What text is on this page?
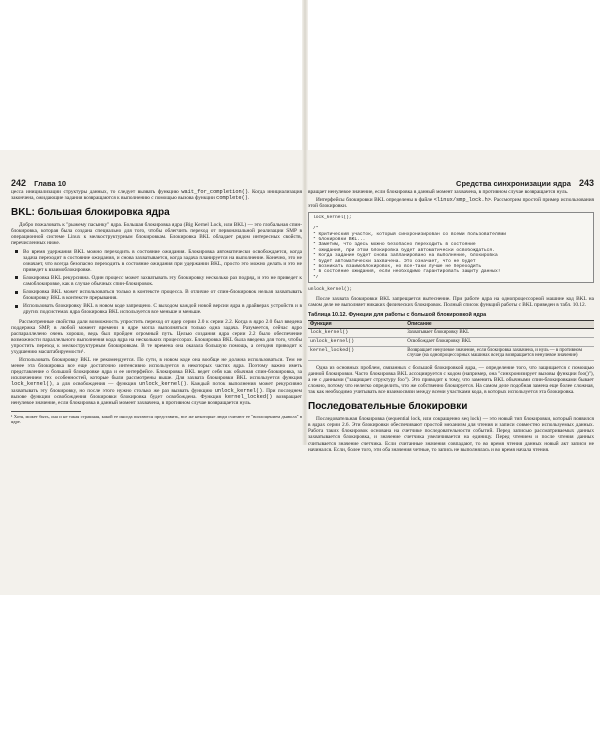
242 Глава 10	Средства синхронизации ядра 243

цесса инициализации структуры данных, то следует вызвать функцию wait_for_completion(). Когда инициализация закончена, ожидающие задания возвращаются к выполнению с помощью вызова функции complete().

BKL: большая блокировка ядра

Добро пожаловать к "рыжему пасынку" ядра. Большая блокировка ядра (Big Kernel Lock, или BKL) — это глобальная спин-блокировка, которая была создана специально для того, чтобы облегчить переход от первоначальной реализации SMP в операционной системе Linux к мелкоструктурным блокировкам. Блокировка BKL обладает рядом интересных свойств, перечисленных ниже.

Во время удержания BKL можно переходить в состояние ожидания. Блокировка автоматически освобождается, когда задача переходит в состояние ожидания, и снова захватывается, когда задача планируется на выполнение. Конечно, это не означает, что всегда безопасно переходить в состояние ожидания при удержании BKL, просто это можно делать и это не приведет к взаимоблокировке.
Блокировка BKL рекурсивна. Один процесс может захватывать эту блокировку несколько раз подряд, и это не приведет к самоблокировке, как в случае обычных спин-блокировок.
Блокировка BKL может использоваться только в контексте процесса. В отличие от спин-блокировок нельзя захватывать блокировку BKL в контексте прерывания.
Использовать блокировку BKL в новом коде запрещено. С выходом каждой новой версии ядра в драйверах устройств и в других подсистемах ядра блокировка BKL используется все меньше и меньше.

Рассмотренные свойства дали возможность упростить переход от ядер серии 2.0 к серии 2.2. Когда в ядро 2.0 был введена поддержка SMP, в любой момент времени в ядре могла выполняться только одна задача. Разумеется, сейчас ядро распараллелено очень хорошо, ведь был пройден огромный путь. Целью создания ядра серии 2.2 было обеспечение возможности параллельного выполнения кода ядра на нескольких процессорах. Блокировка BKL была введена для того, чтобы упростить переход к мелкоструктурным блокировкам. В те времена она оказала большую помощь, а сегодня приводит к ухудшению масштабируемости¹.

Использовать блокировку BKL не рекомендуется. По сути, в новом коде она вообще не должна использоваться. Тем не менее эта блокировка все еще достаточно интенсивно используется в некоторых частях ядра. Поэтому важно иметь представление о большой блокировке ядра и ее интерфейсе. Блокировка BKL ведет себя как обычная спин-блокировка, за исключением тех особенностей, которые были рассмотрены выше. Для захвата блокировки BKL используется функция lock_kernel(), а для освобождения — функция unlock_kernel(). Каждый поток выполнения может рекурсивно захватывать эту блокировку, но после этого нужно столько же раз вызвать функцию unlock_kernel(). При последнем вызове функции освобождения блокировки блокировка будет освобождена. Функция kernel_locked() возвращает ненулевое значение, если блокировка в данный момент захвачена, в противном случае возвращается нуль.

¹ Хотя, может быть, она и не такая страшная, какой ее иногда пытаются представить, все же некоторые люди считают ее "воплощением дьявола" в ядре.

вращает ненулевое значение, если блокировка в данный момент захвачена, в противном случае возвращается нуль.

Интерфейсы блокировки BKL определены в файле <linux/smp_lock.h>. Рассмотрим простой пример использования этой блокировки.

lock_kernel();

/*
* Критический участок, который синхронизирован со всеми пользователями
* блокировки BKL...
* Заметим, что здесь можно безопасно переходить в состояние
* ожидания, при этом блокировка будет автоматически освобождаться.
* Когда задание будет снова запланировано на выполнение, блокировка
* будет автоматически захвачена. Это означает, что не будет
* возникать взаимоблокировок, но все-таки лучше не переходить
* в состояние ожидания, если необходимо гарантировать защиту данных!
*/
unlock_kernel();

После захвата блокировки BKL запрещается вытеснение. При работе ядра на однопроцессорной машине код BKL на самом деле не выполняет никаких физических блокировок. Полный список функций работы с BKL приведен в табл. 10.12.

Таблица 10.12. Функции для работы с большой блокировкой ядра
Функция	Описание
lock_kernel()	Захватывает блокировку BKL
unlock_kernel()	Освобождает блокировку BKL
kernel_locked()	Возвращает ненулевое значение, если блокировка захвачена, и нуль — в противном случае (на однопроцессорных машинах всегда возвращается ненулевое значение)

Одна из основных проблем, связанных с большой блокировкой ядра, — определение того, что защищается с помощью данной блокировки. Часто блокировка BKL ассоциируется с кодом (например, она "синхронизирует вызовы функции foo()"), а не с данными ("защищает структуру foo"). Это приводит к тому, что заменить BKL обычными спин-блокировками бывает сложно, потому что нелегко определить, что же собственно блокируется. На самом деле подобная замена еще более сложная, так как необходимо учитывать все взаимосвязи между всеми участками кода, в которых используется эта блокировка.

Последовательные блокировки

Последовательная блокировка (sequential lock, или сокращенно seq lock) — это новый тип блокировки, который появился в ядрах серии 2.6. Эти блокировки обеспечивают простой механизм для чтения и записи совместно используемых данных. Работа таких блокировок основана на счетчике последовательности событий. Перед записью рассматриваемых данных захватывается блокировка, и значение счетчика увеличивается на единицу. Перед чтением и после чтения данных считывается значение счетчика. Если считанные значения совпадают, то во время чтения данных новый акт записи не начинался. Если, более того, эти оба значения четные, то запись не выполнялась и во время начала чтения.
